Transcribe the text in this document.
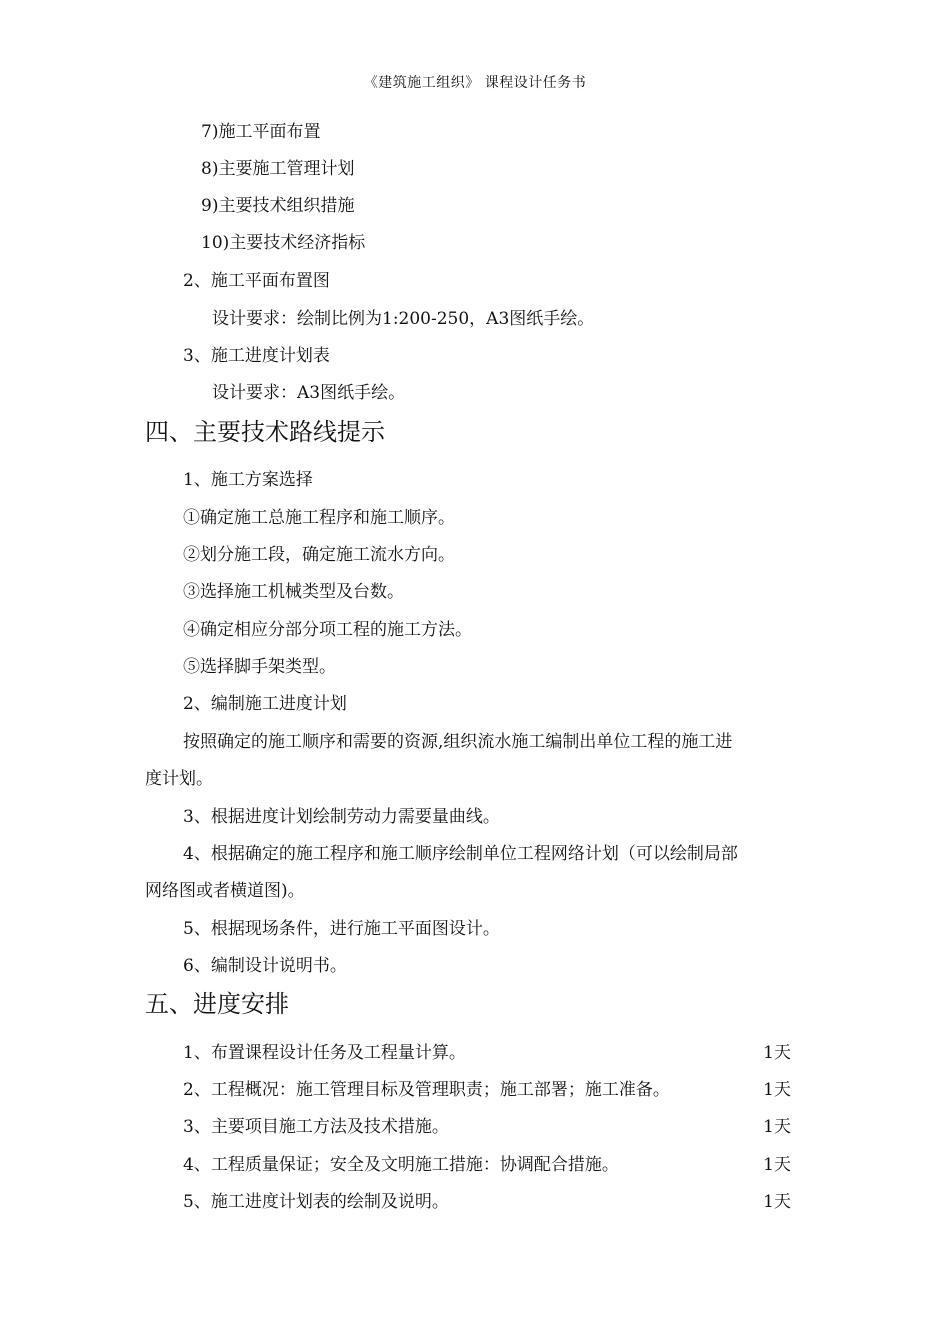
《建筑施工组织》 课程设计任务书
7)施工平面布置
8)主要施工管理计划
9)主要技术组织措施
10)主要技术经济指标
2、施工平面布置图
设计要求：绘制比例为1:200-250，A3图纸手绘。
3、施工进度计划表
设计要求：A3图纸手绘。
四、主要技术路线提示
1、施工方案选择
①确定施工总施工程序和施工顺序。
②划分施工段，确定施工流水方向。
③选择施工机械类型及台数。
④确定相应分部分项工程的施工方法。
⑤选择脚手架类型。
2、编制施工进度计划
按照确定的施工顺序和需要的资源,组织流水施工编制出单位工程的施工进
度计划。
3、根据进度计划绘制劳动力需要量曲线。
4、根据确定的施工程序和施工顺序绘制单位工程网络计划（可以绘制局部
网络图或者横道图)。
5、根据现场条件，进行施工平面图设计。
6、编制设计说明书。
五、进度安排
1、布置课程设计任务及工程量计算。	1天
2、工程概况：施工管理目标及管理职责；施工部署；施工准备。	1天
3、主要项目施工方法及技术措施。	1天
4、工程质量保证；安全及文明施工措施：协调配合措施。	1天
5、施工进度计划表的绘制及说明。	1天
